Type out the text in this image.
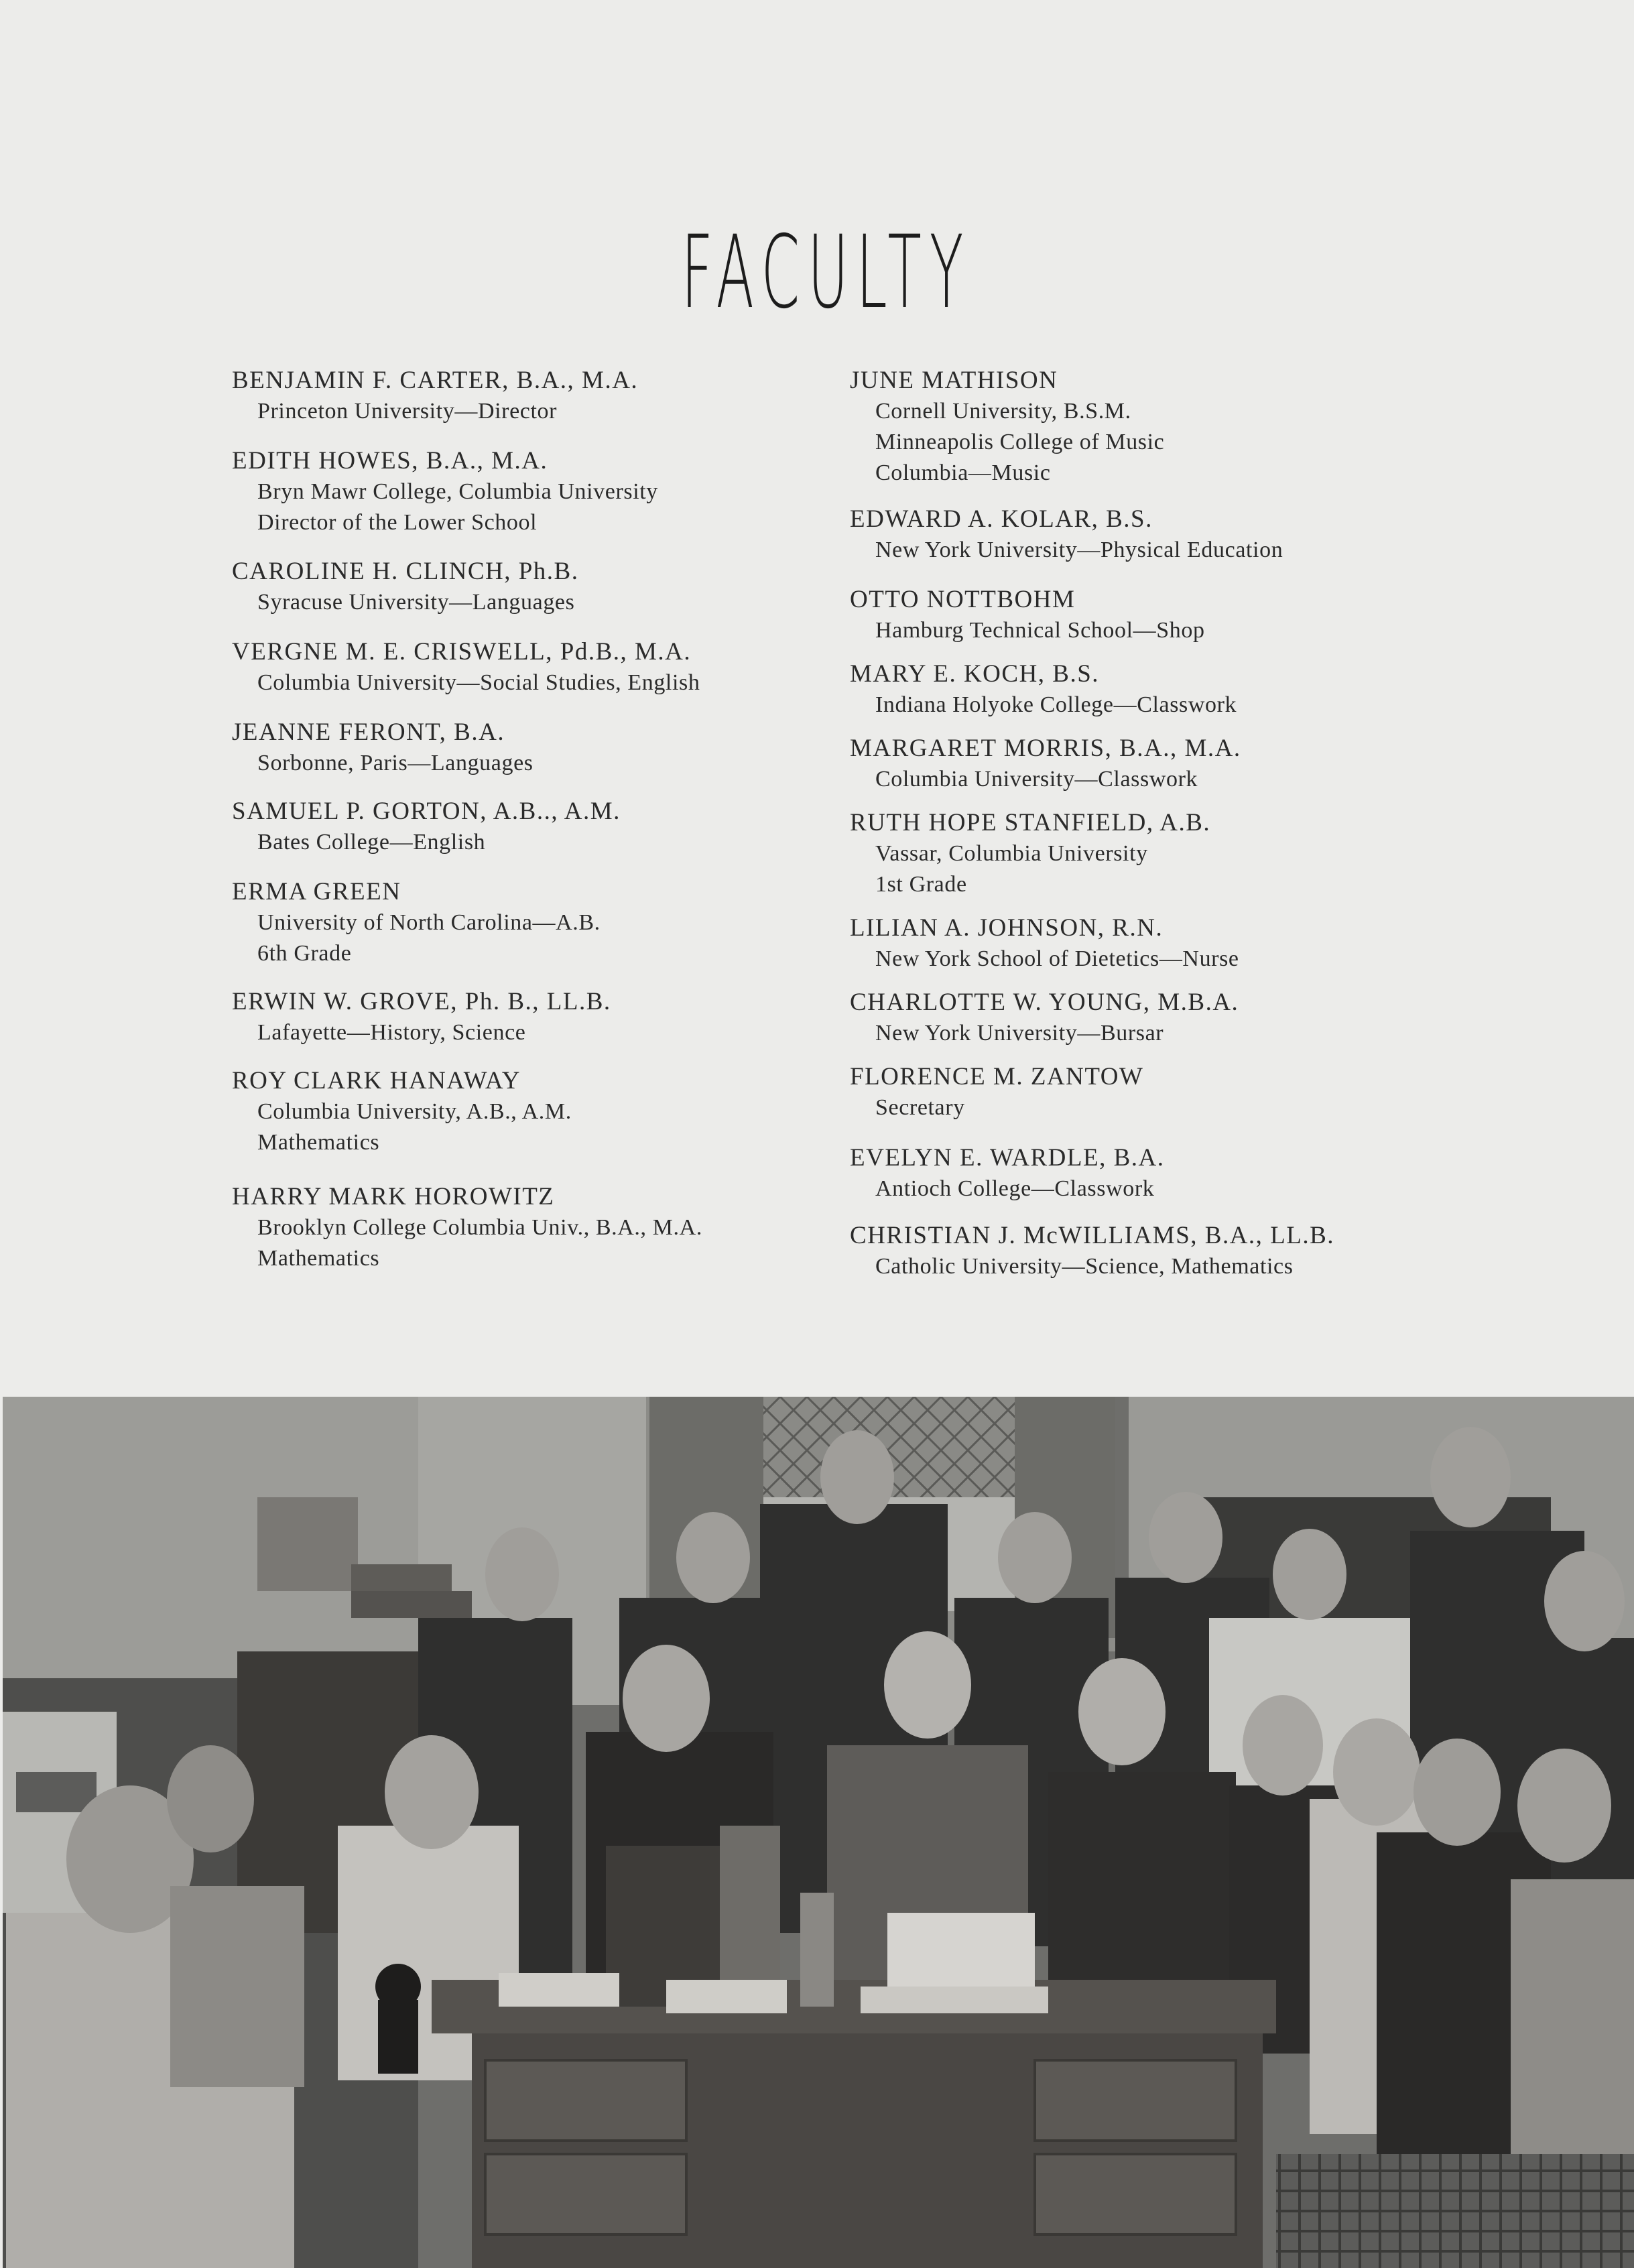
FACULTY
BENJAMIN F. CARTER, B.A., M.A.
Princeton University—Director
EDITH HOWES, B.A., M.A.
Bryn Mawr College, Columbia University
Director of the Lower School
CAROLINE H. CLINCH, Ph.B.
Syracuse University—Languages
VERGNE M. E. CRISWELL, Pd.B., M.A.
Columbia University—Social Studies, English
JEANNE FERONT, B.A.
Sorbonne, Paris—Languages
SAMUEL P. GORTON, A.B.., A.M.
Bates College—English
ERMA GREEN
University of North Carolina—A.B.
6th Grade
ERWIN W. GROVE, Ph. B., LL.B.
Lafayette—History, Science
ROY CLARK HANAWAY
Columbia University, A.B., A.M.
Mathematics
HARRY MARK HOROWITZ
Brooklyn College Columbia Univ., B.A., M.A.
Mathematics
JUNE MATHISON
Cornell University, B.S.M.
Minneapolis College of Music
Columbia—Music
EDWARD A. KOLAR, B.S.
New York University—Physical Education
OTTO NOTTBOHM
Hamburg Technical School—Shop
MARY E. KOCH, B.S.
Indiana Holyoke College—Classwork
MARGARET MORRIS, B.A., M.A.
Columbia University—Classwork
RUTH HOPE STANFIELD, A.B.
Vassar, Columbia University
1st Grade
LILIAN A. JOHNSON, R.N.
New York School of Dietetics—Nurse
CHARLOTTE W. YOUNG, M.B.A.
New York University—Bursar
FLORENCE M. ZANTOW
Secretary
EVELYN E. WARDLE, B.A.
Antioch College—Classwork
CHRISTIAN J. McWILLIAMS, B.A., LL.B.
Catholic University—Science, Mathematics
